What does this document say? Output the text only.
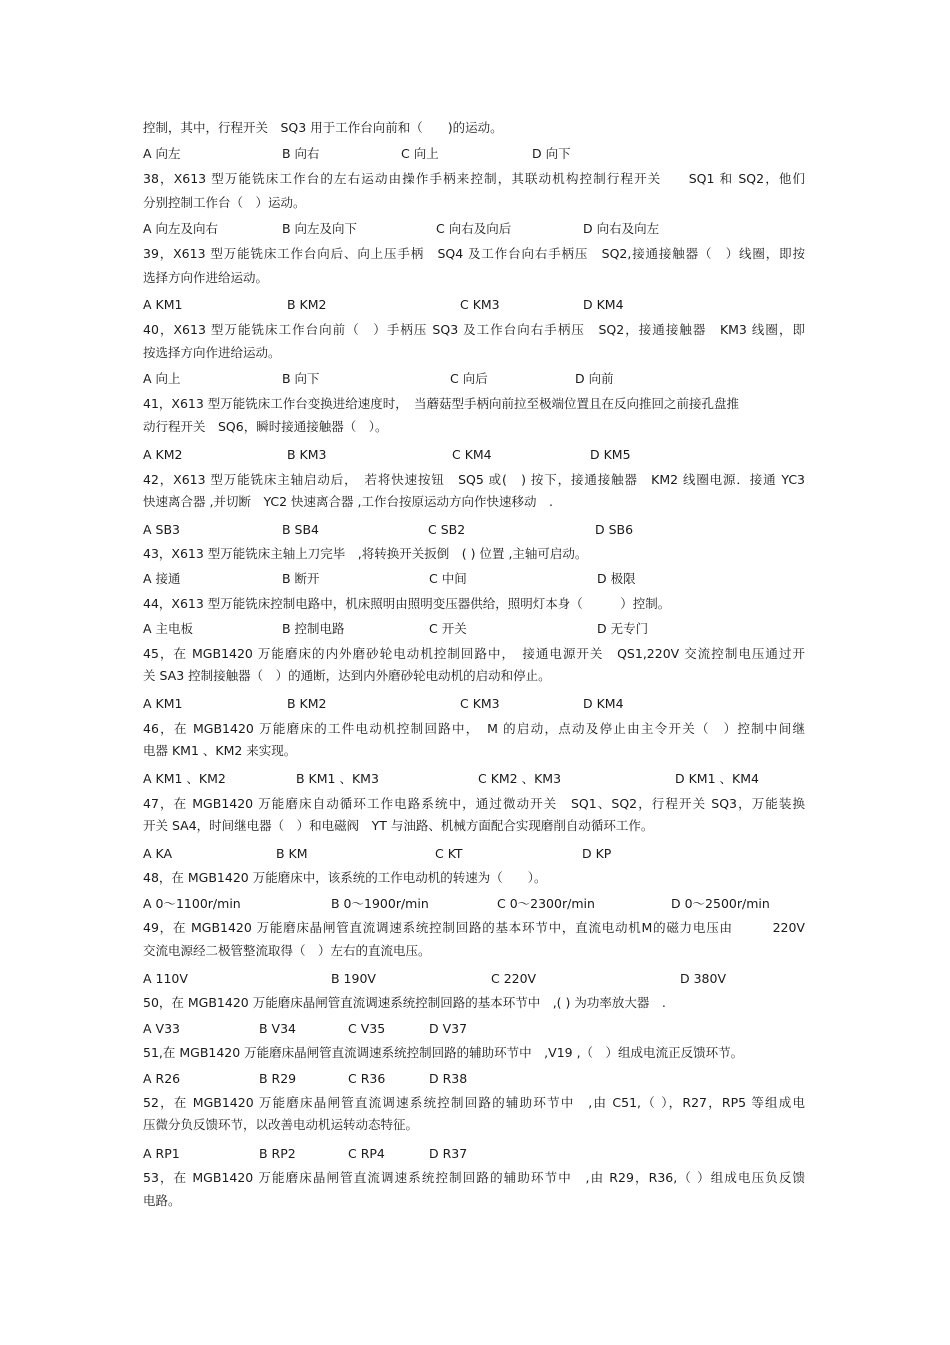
控制，其中，行程开关　SQ3 用于工作台向前和（　　)的运动。
A 向左	B 向右	C 向上	D 向下
38，X613 型万能铣床工作台的左右运动由操作手柄来控制，其联动机构控制行程开关　　SQ1 和 SQ2，他们
分别控制工作台（　）运动。
A 向左及向右	B 向左及向下	C 向右及向后	D 向右及向左
39，X613 型万能铣床工作台向后、向上压手柄　SQ4 及工作台向右手柄压　SQ2,接通接触器（　）线圈，即按
选择方向作进给运动。
A KM1	B KM2	C KM3	D KM4
40，X613 型万能铣床工作台向前（　）手柄压 SQ3 及工作台向右手柄压　SQ2，接通接触器　KM3 线圈，即
按选择方向作进给运动。
A 向上	B 向下	C 向后	D 向前
41，X613 型万能铣床工作台变换进给速度时，　当蘑菇型手柄向前拉至极端位置且在反向推回之前接孔盘推
动行程开关　SQ6，瞬时接通接触器（　）。
A KM2	B KM3	C KM4	D KM5
42，X613 型万能铣床主轴启动后，　若将快速按钮　SQ5 或(　) 按下，接通接触器　KM2 线圈电源．接通 YC3
快速离合器 ,并切断　YC2 快速离合器 ,工作台按原运动方向作快速移动　.
A SB3	B SB4	C SB2	D SB6
43，X613 型万能铣床主轴上刀完毕　,将转换开关扳倒　( ) 位置 ,主轴可启动。
A 接通	B 断开	C 中间	D 极限
44，X613 型万能铣床控制电路中，机床照明由照明变压器供给，照明灯本身（　　　）控制。
A 主电板	B 控制电路	C 开关	D 无专门
45，在 MGB1420 万能磨床的内外磨砂轮电动机控制回路中，　接通电源开关　QS1,220V 交流控制电压通过开
关 SA3 控制接触器（　）的通断，达到内外磨砂轮电动机的启动和停止。
A KM1	B KM2	C KM3	D KM4
46，在 MGB1420 万能磨床的工件电动机控制回路中，　M 的启动，点动及停止由主令开关（　）控制中间继
电器 KM1 、KM2 来实现。
A KM1 、KM2	B KM1 、KM3	C KM2 、KM3	D KM1 、KM4
47，在 MGB1420 万能磨床自动循环工作电路系统中，通过微动开关　SQ1、SQ2，行程开关 SQ3，万能装换
开关 SA4，时间继电器（　）和电磁阀　YT 与油路、机械方面配合实现磨削自动循环工作。
A KA	B KM	C KT	D KP
48，在 MGB1420 万能磨床中，该系统的工作电动机的转速为（　　）。
A 0～1100r/min	B 0～1900r/min	C 0～2300r/min	D 0～2500r/min
49，在 MGB1420 万能磨床晶闸管直流调速系统控制回路的基本环节中，直流电动机M的磁力电压由　　　220V
交流电源经二极管整流取得（　）左右的直流电压。
A 110V	B 190V	C 220V	D 380V
50，在 MGB1420 万能磨床晶闸管直流调速系统控制回路的基本环节中　,( ) 为功率放大器　.
A V33	B V34	C V35	D V37
51,在 MGB1420 万能磨床晶闸管直流调速系统控制回路的辅助环节中　,V19 ,（　）组成电流正反馈环节。
A R26	B R29	C R36	D R38
52，在 MGB1420 万能磨床晶闸管直流调速系统控制回路的辅助环节中　,由 C51,（ ），R27，RP5 等组成电
压微分负反馈环节，以改善电动机运转动态特征。
A RP1	B RP2	C RP4	D R37
53，在 MGB1420 万能磨床晶闸管直流调速系统控制回路的辅助环节中　,由 R29，R36,（ ）组成电压负反馈
电路。
